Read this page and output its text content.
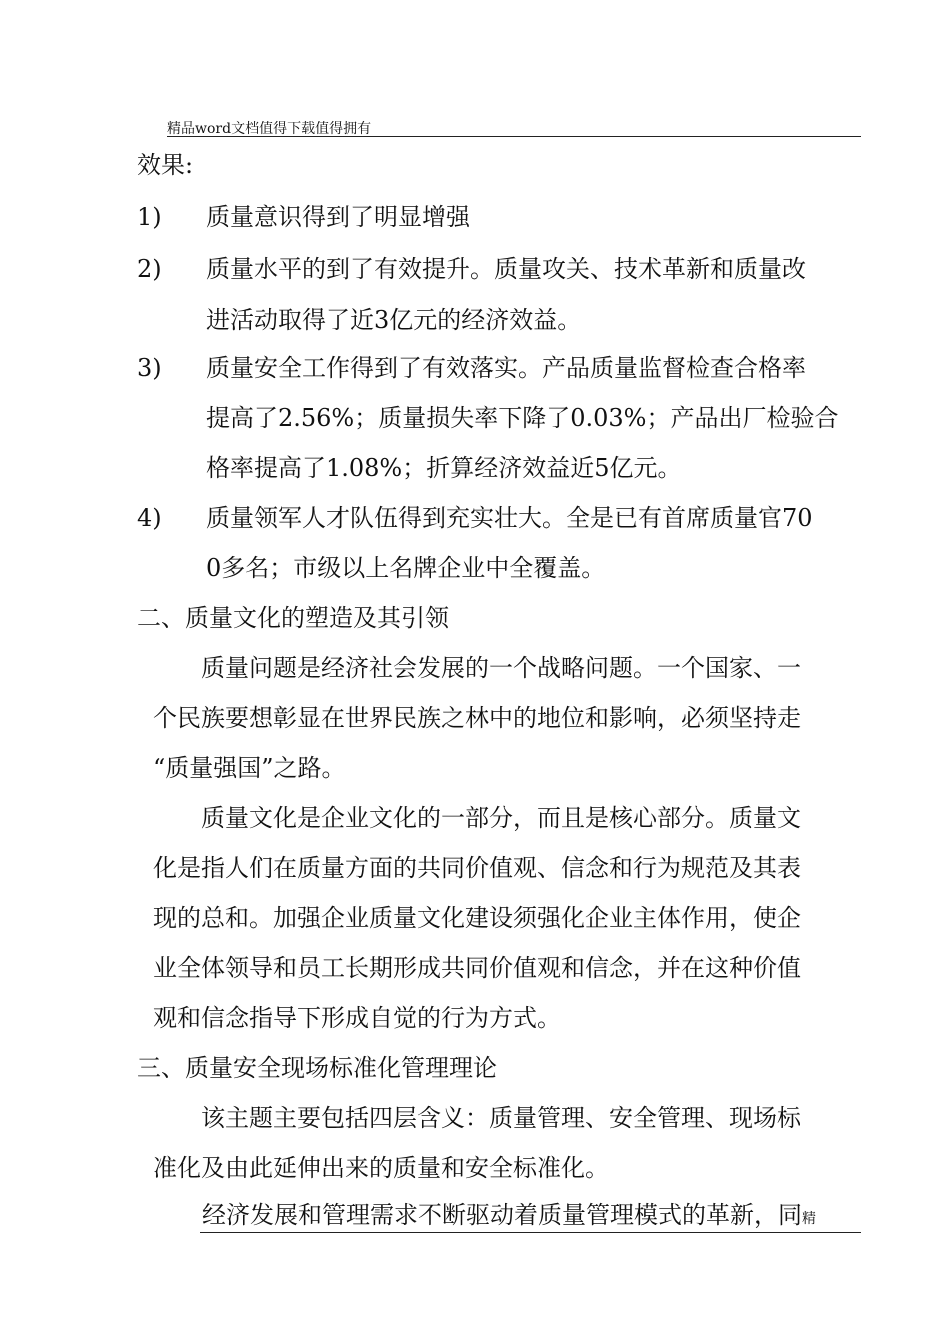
精品word文档值得下载值得拥有
效果:
1) 质量意识得到了明显增强
2) 质量水平的到了有效提升。质量攻关、技术革新和质量改
进活动取得了近3亿元的经济效益。
3) 质量安全工作得到了有效落实。产品质量监督检查合格率
提高了2.56%；质量损失率下降了0.03%；产品出厂检验合
格率提高了1.08%；折算经济效益近5亿元。
4) 质量领军人才队伍得到充实壮大。全是已有首席质量官70
0多名；市级以上名牌企业中全覆盖。
二、质量文化的塑造及其引领
质量问题是经济社会发展的一个战略问题。一个国家、一
个民族要想彰显在世界民族之林中的地位和影响，必须坚持走
“质量强国”之路。
质量文化是企业文化的一部分，而且是核心部分。质量文
化是指人们在质量方面的共同价值观、信念和行为规范及其表
现的总和。加强企业质量文化建设须强化企业主体作用，使企
业全体领导和员工长期形成共同价值观和信念，并在这种价值
观和信念指导下形成自觉的行为方式。
三、质量安全现场标准化管理理论
该主题主要包括四层含义：质量管理、安全管理、现场标
准化及由此延伸出来的质量和安全标准化。
经济发展和管理需求不断驱动着质量管理模式的革新，同精
